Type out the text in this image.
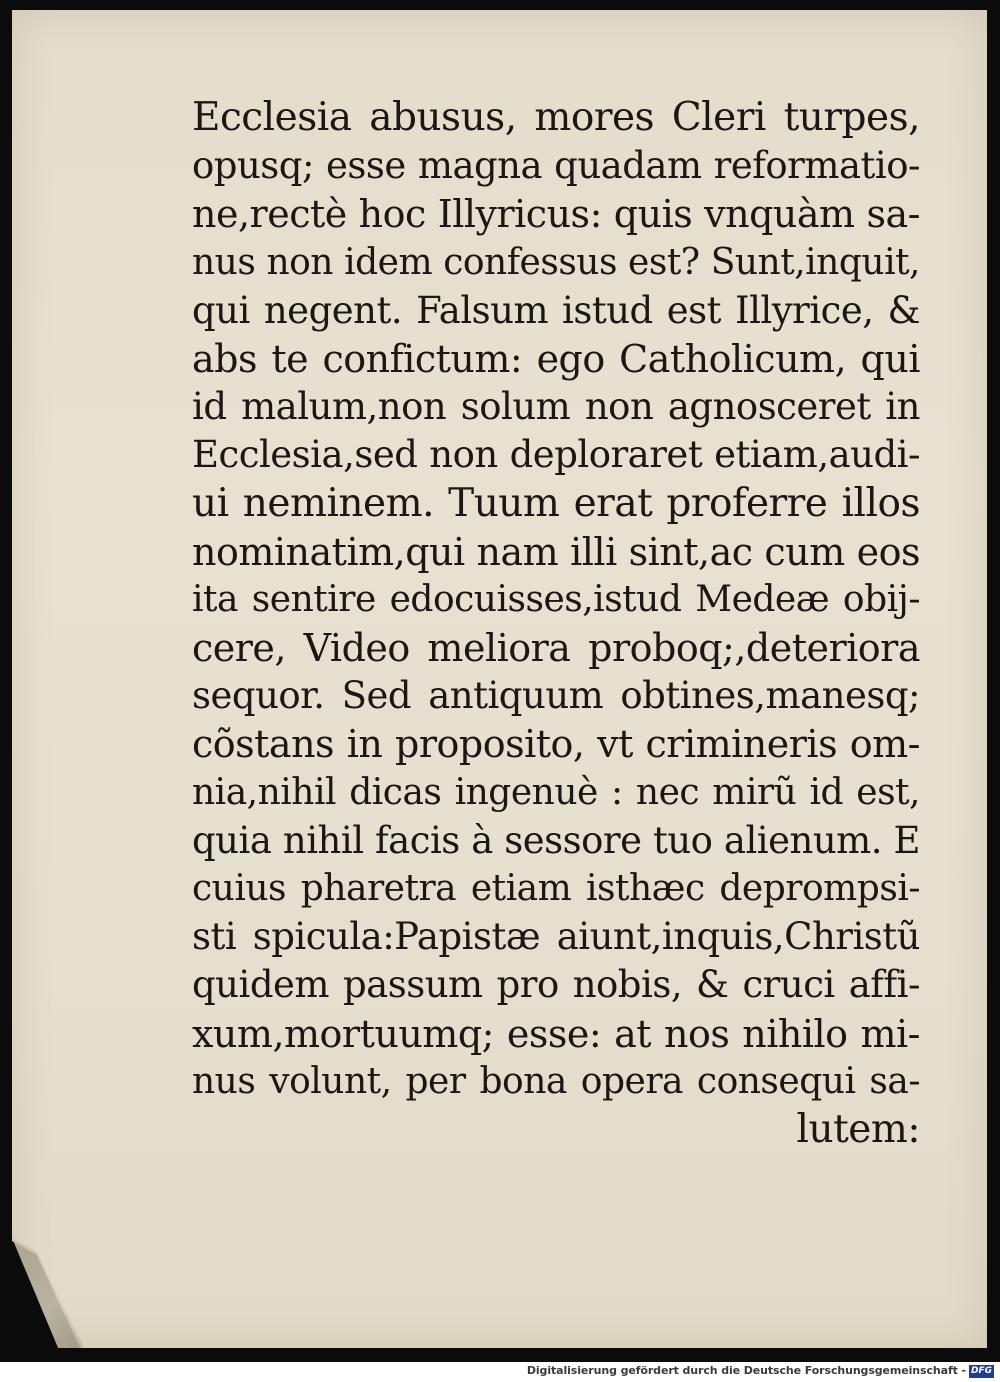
Ecclesia abusus, mores Cleri turpes,
opusq; esse magna quadam reformatio-
ne,rectè hoc Illyricus: quis vnquàm sa-
nus non idem confessus est? Sunt,inquit,
qui negent. Falsum istud est Illyrice, &
abs te confictum: ego Catholicum, qui
id malum,non solum non agnosceret in
Ecclesia,sed non deploraret etiam,audi-
ui neminem. Tuum erat proferre illos
nominatim,qui nam illi sint,ac cum eos
ita sentire edocuisses,istud Medeæ obij-
cere, Video meliora proboq;,deteriora
sequor. Sed antiquum obtines,manesq;
cõstans in proposito, vt crimineris om-
nia,nihil dicas ingenuè : nec mirũ id est,
quia nihil facis à sessore tuo alienum. E
cuius pharetra etiam isthæc deprompsi-
sti spicula:Papistæ aiunt,inquis,Christũ
quidem passum pro nobis, & cruci affi-
xum,mortuumq; esse: at nos nihilo mi-
nus volunt, per bona opera consequi sa-
lutem:
Digitalisierung gefördert durch die Deutsche Forschungsgemeinschaft - DFG
